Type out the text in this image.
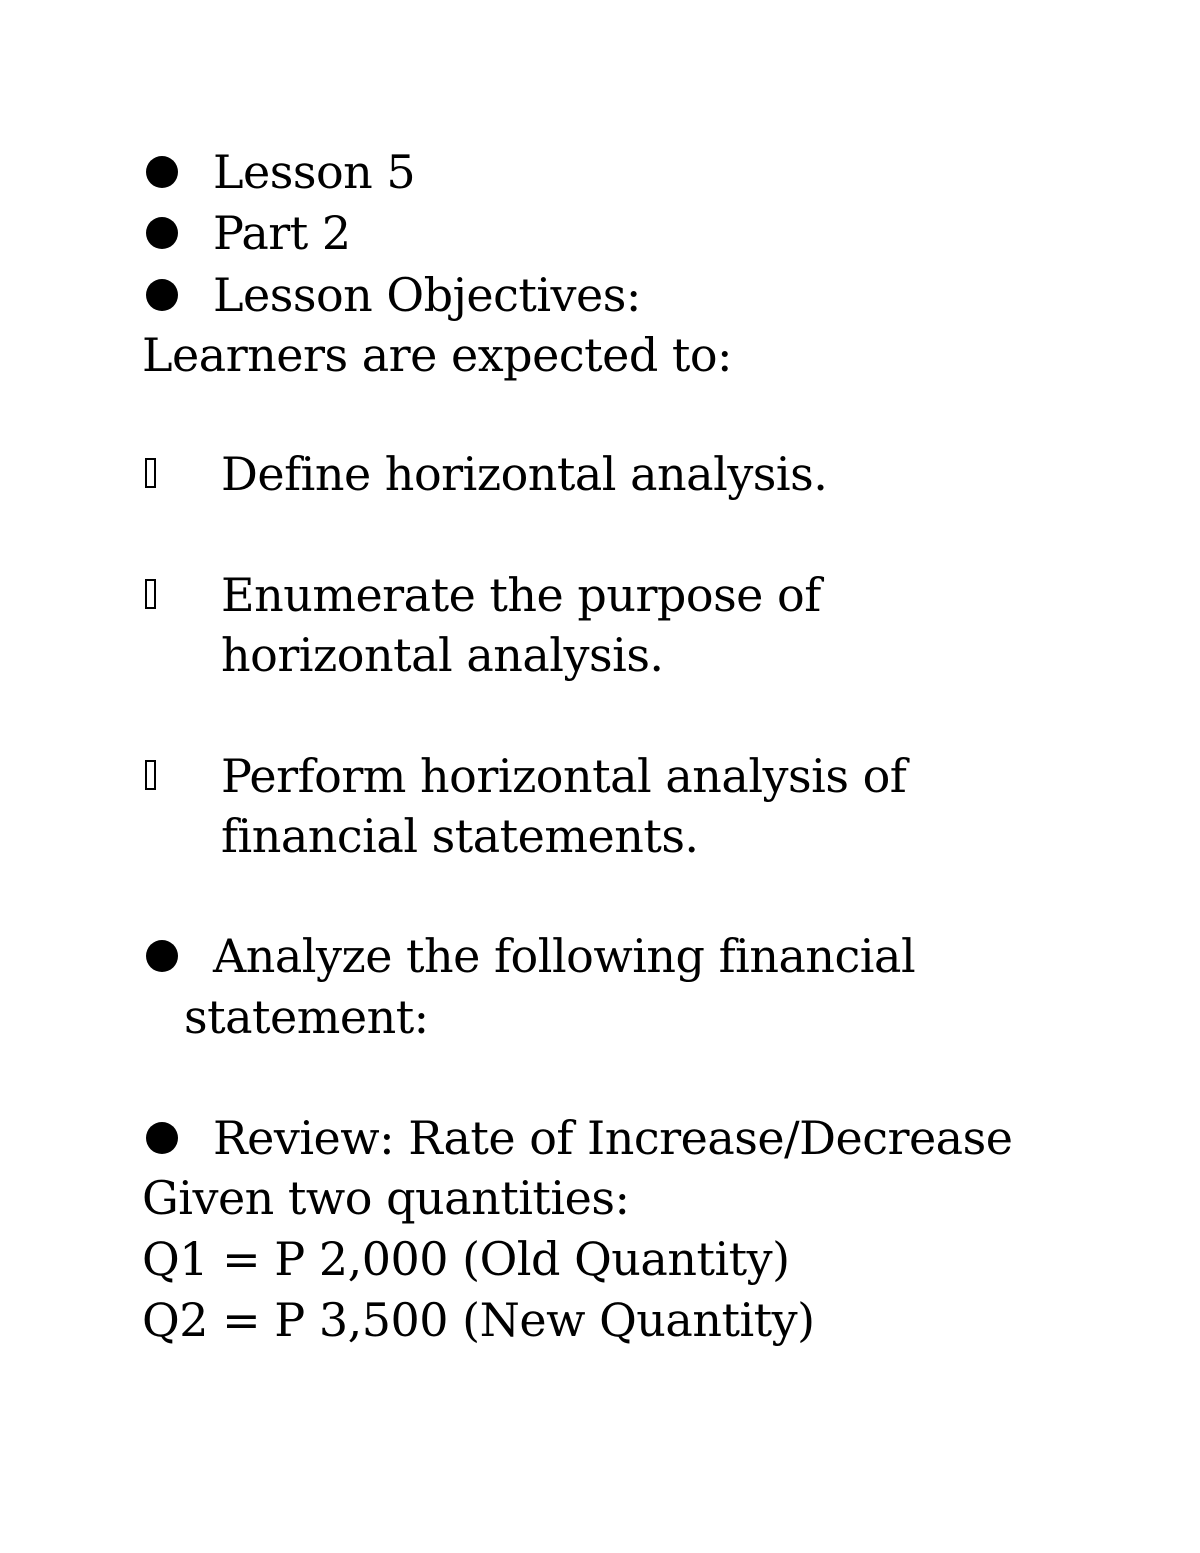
Lesson 5
Part 2
Lesson Objectives:
Learners are expected to:
Define horizontal analysis.
Enumerate the purpose of
horizontal analysis.
Perform horizontal analysis of
financial statements.
Analyze the following financial
statement:
Review: Rate of Increase/Decrease
Given two quantities:
Q1 = P 2,000 (Old Quantity)
Q2 = P 3,500 (New Quantity)
